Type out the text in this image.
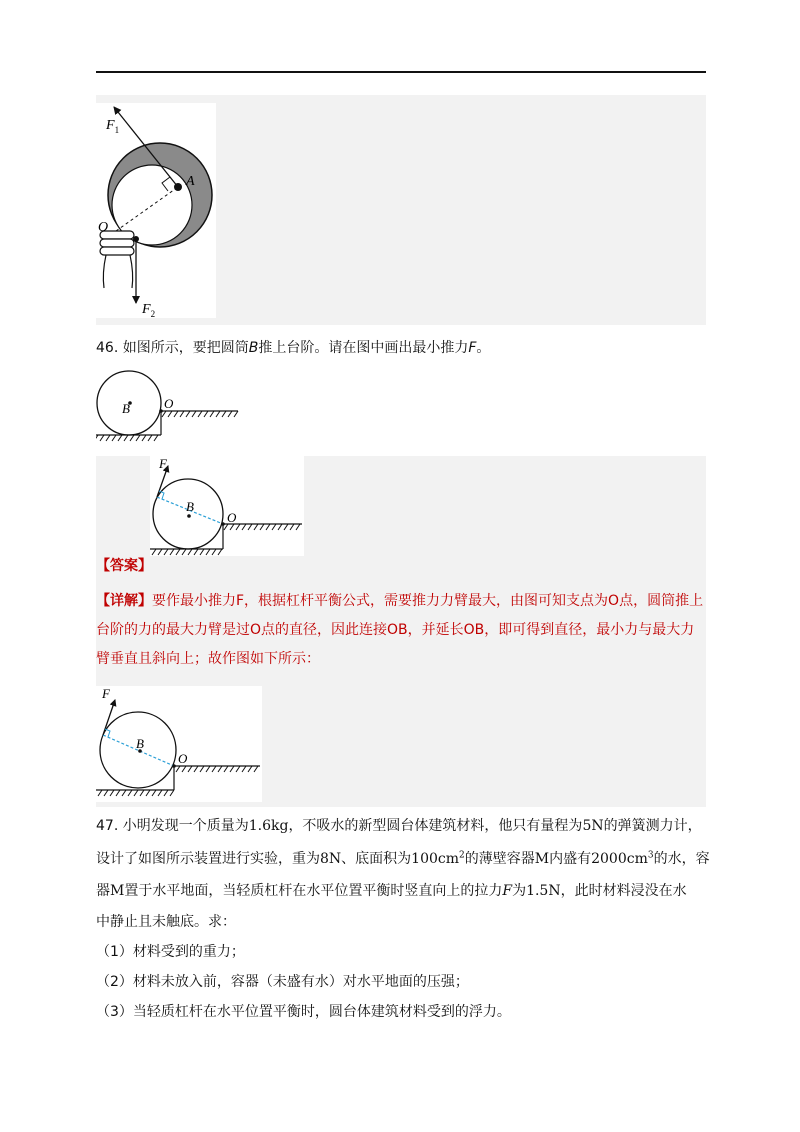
$F_1$
A
O
$F_2$
46. 如图所示，要把圆筒B推上台阶。请在图中画出最小推力F。
B	O
F
B
O
【答案】
【详解】要作最小推力F，根据杠杆平衡公式，需要推力力臂最大，由图可知支点为O点，圆筒推上台阶的力的最大力臂是过O点的直径，因此连接OB，并延长OB，即可得到直径，最小力与最大力臂垂直且斜向上；故作图如下所示：
F
B
O
47. 小明发现一个质量为1.6kg，不吸水的新型圆台体建筑材料，他只有量程为5N的弹簧测力计，
设计了如图所示装置进行实验，重为8N、底面积为$100cm^2$的薄壁容器M内盛有$2000cm^3$的水，容
器M置于水平地面，当轻质杠杆在水平位置平衡时竖直向上的拉力F为1.5N，此时材料浸没在水
中静止且未触底。求：
（1）材料受到的重力；
（2）材料未放入前，容器（未盛有水）对水平地面的压强；
（3）当轻质杠杆在水平位置平衡时，圆台体建筑材料受到的浮力。
